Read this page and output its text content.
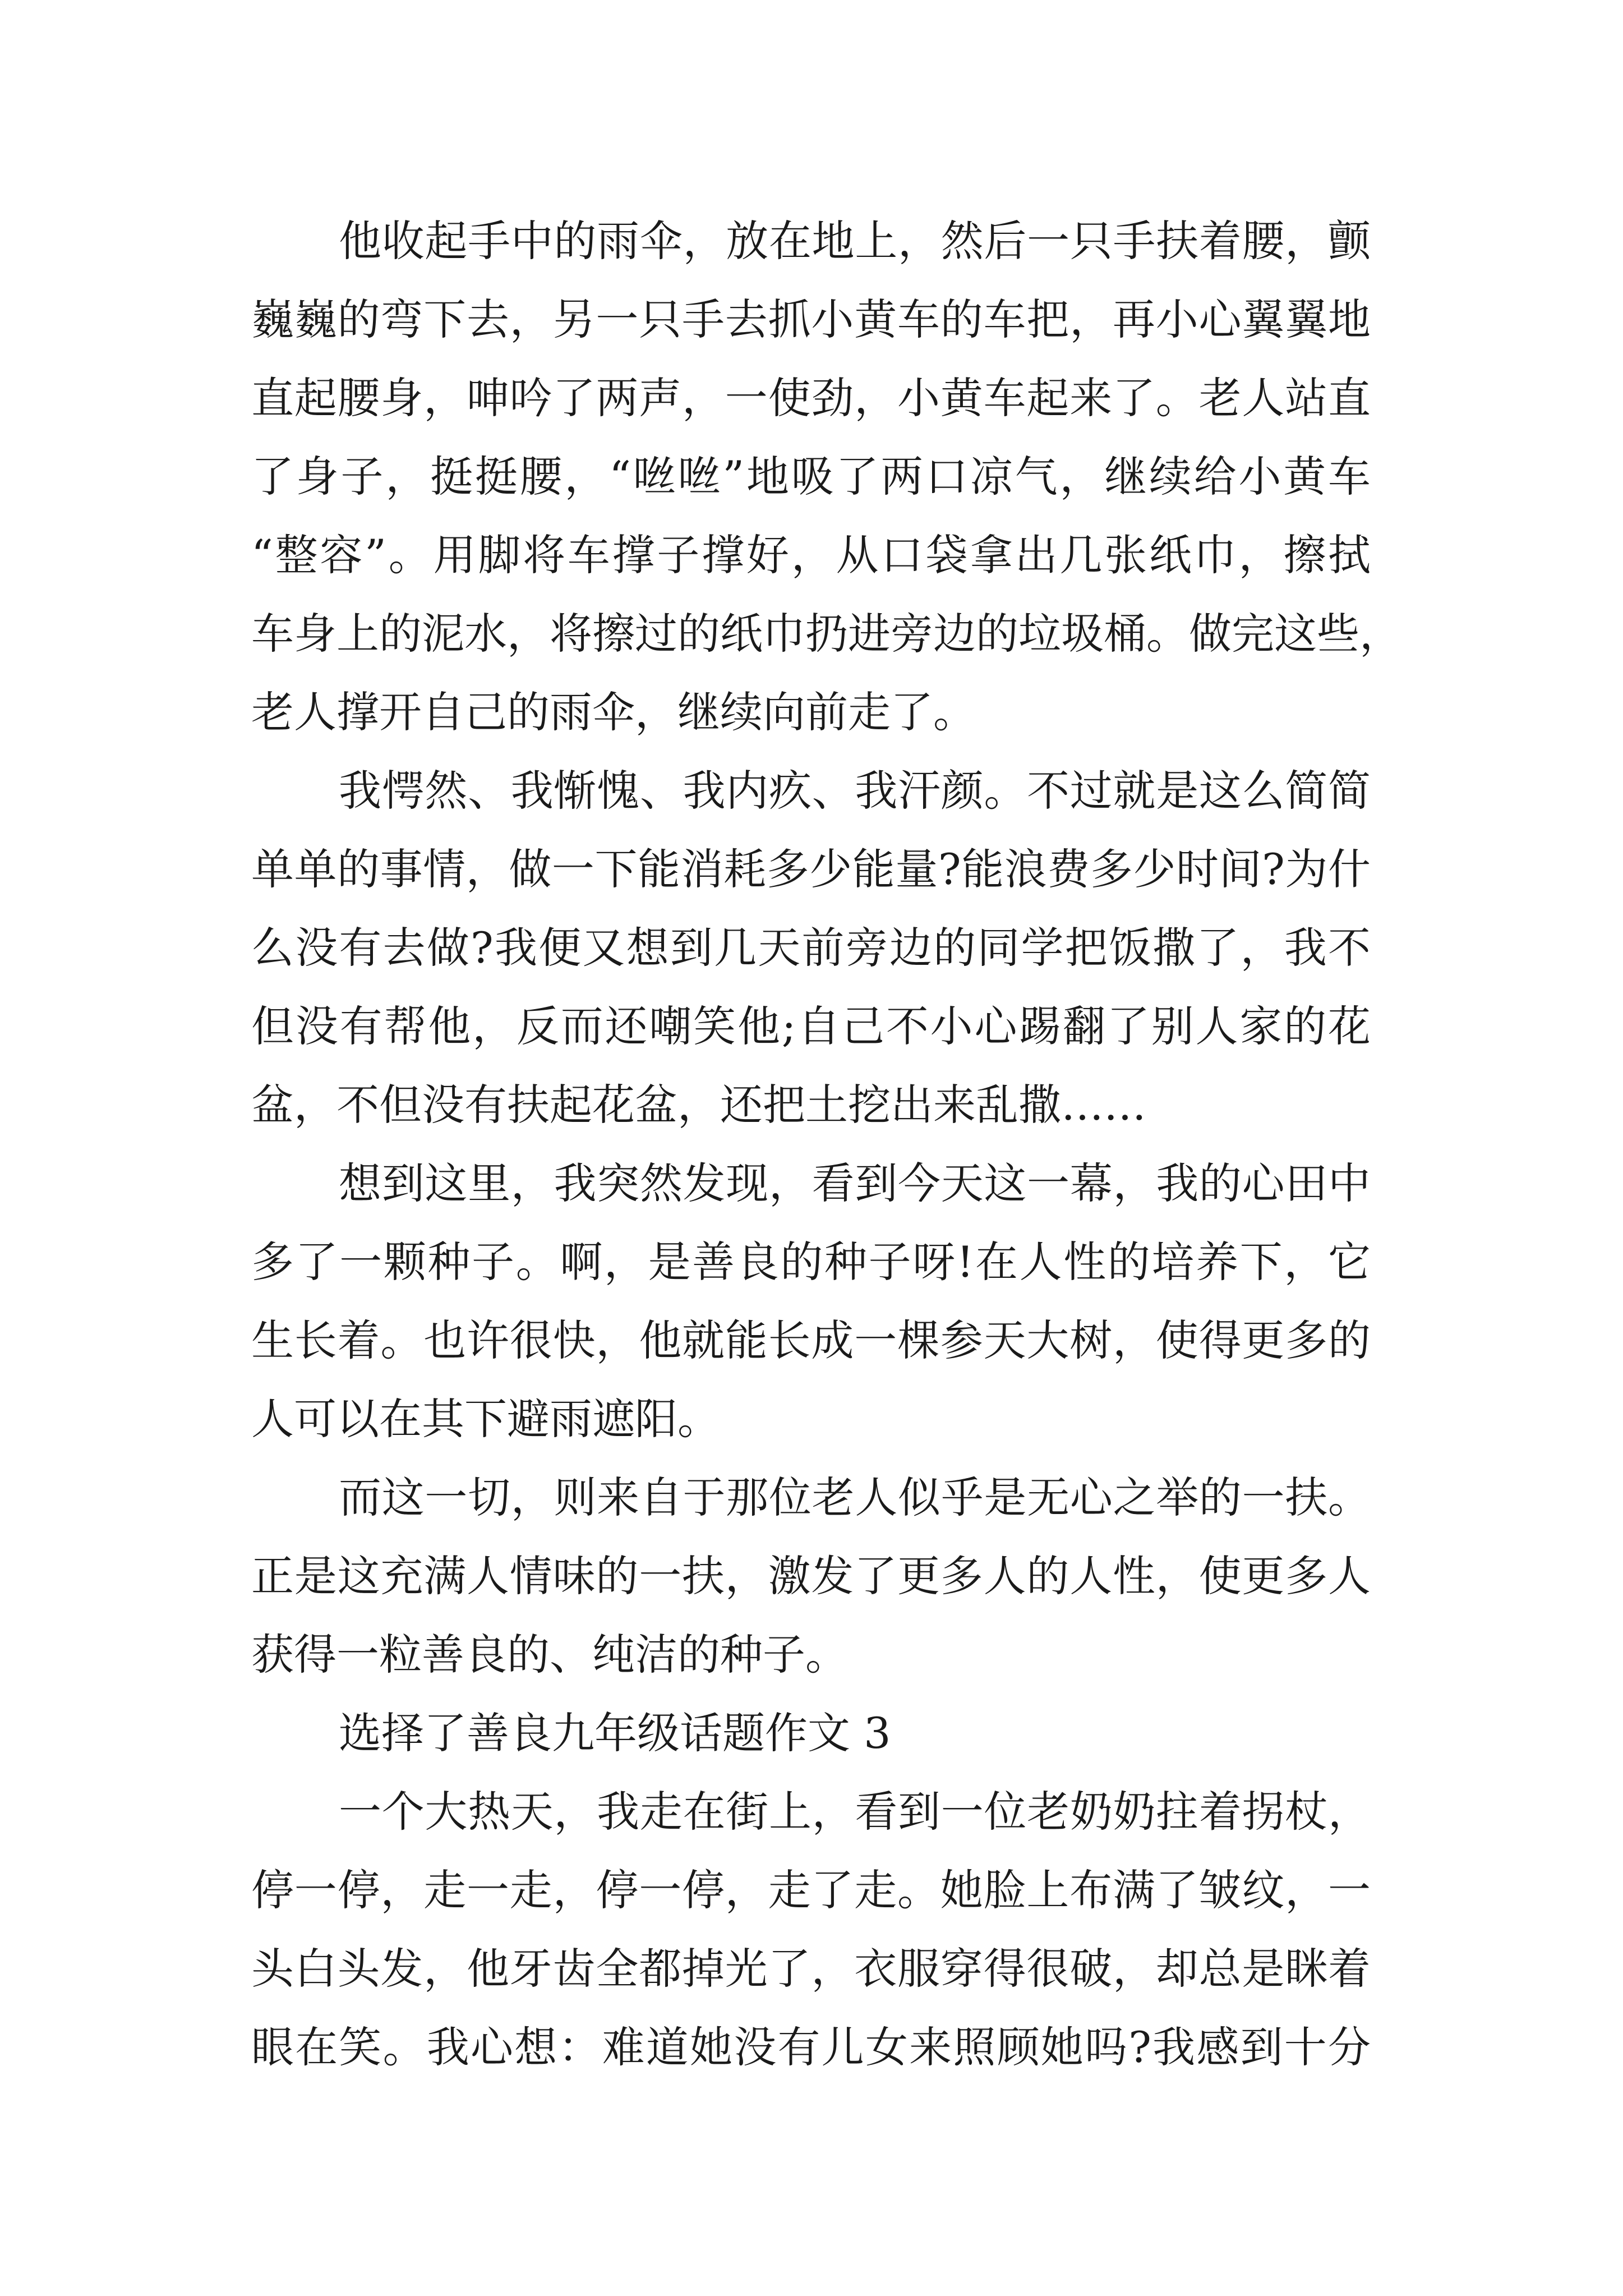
他收起手中的雨伞，放在地上，然后一只手扶着腰，颤

巍巍的弯下去，另一只手去抓小黄车的车把，再小心翼翼地

直起腰身，呻吟了两声，一使劲，小黄车起来了。老人站直

了身子，挺挺腰，“咝咝”地吸了两口凉气，继续给小黄车

“整容”。用脚将车撑子撑好，从口袋拿出几张纸巾，擦拭

车身上的泥水，将擦过的纸巾扔进旁边的垃圾桶。做完这些，

老人撑开自己的雨伞，继续向前走了。

我愕然、我惭愧、我内疚、我汗颜。不过就是这么简简

单单的事情，做一下能消耗多少能量?能浪费多少时间?为什

么没有去做?我便又想到几天前旁边的同学把饭撒了，我不

但没有帮他，反而还嘲笑他;自己不小心踢翻了别人家的花

盆，不但没有扶起花盆，还把土挖出来乱撒……

想到这里，我突然发现，看到今天这一幕，我的心田中

多了一颗种子。啊，是善良的种子呀!在人性的培养下，它

生长着。也许很快，他就能长成一棵参天大树，使得更多的

人可以在其下避雨遮阳。

而这一切，则来自于那位老人似乎是无心之举的一扶。

正是这充满人情味的一扶，激发了更多人的人性，使更多人

获得一粒善良的、纯洁的种子。

选择了善良九年级话题作文 3

一个大热天，我走在街上，看到一位老奶奶拄着拐杖，

停一停，走一走，停一停，走了走。她脸上布满了皱纹，一

头白头发，他牙齿全都掉光了，衣服穿得很破，却总是眯着

眼在笑。我心想：难道她没有儿女来照顾她吗?我感到十分
